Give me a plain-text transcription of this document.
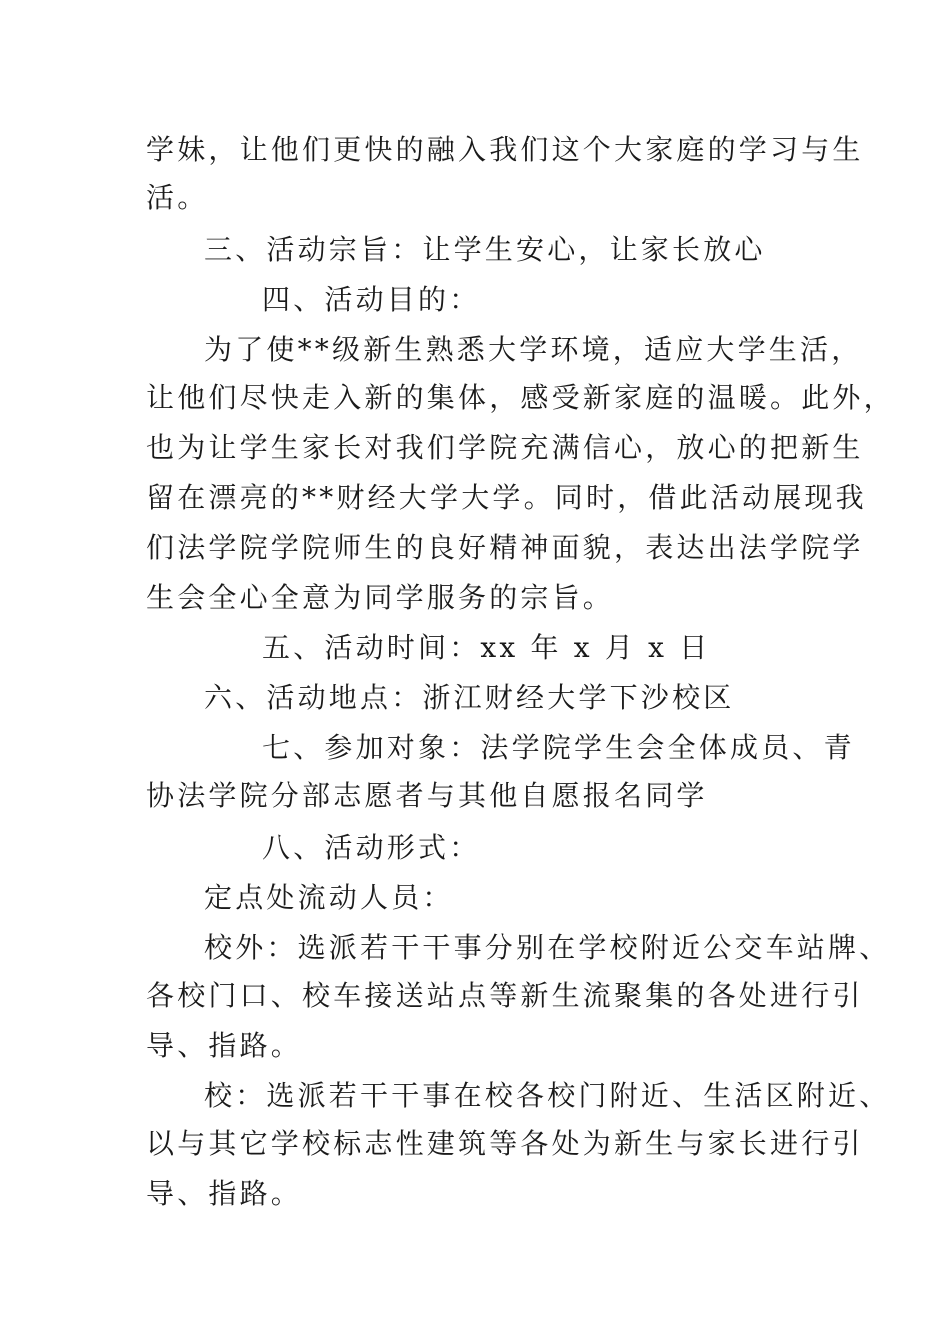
学妹，让他们更快的融入我们这个大家庭的学习与生
活。
三、活动宗旨：让学生安心，让家长放心
四、活动目的：
为了使**级新生熟悉大学环境，适应大学生活，
让他们尽快走入新的集体，感受新家庭的温暖。此外，
也为让学生家长对我们学院充满信心，放心的把新生
留在漂亮的**财经大学大学。同时，借此活动展现我
们法学院学院师生的良好精神面貌，表达出法学院学
生会全心全意为同学服务的宗旨。
五、活动时间：xx 年 x 月 x 日
六、活动地点：浙江财经大学下沙校区
七、参加对象：法学院学生会全体成员、青
协法学院分部志愿者与其他自愿报名同学
八、活动形式：
定点处流动人员：
校外：选派若干干事分别在学校附近公交车站牌、
各校门口、校车接送站点等新生流聚集的各处进行引
导、指路。
校：选派若干干事在校各校门附近、生活区附近、
以与其它学校标志性建筑等各处为新生与家长进行引
导、指路。
